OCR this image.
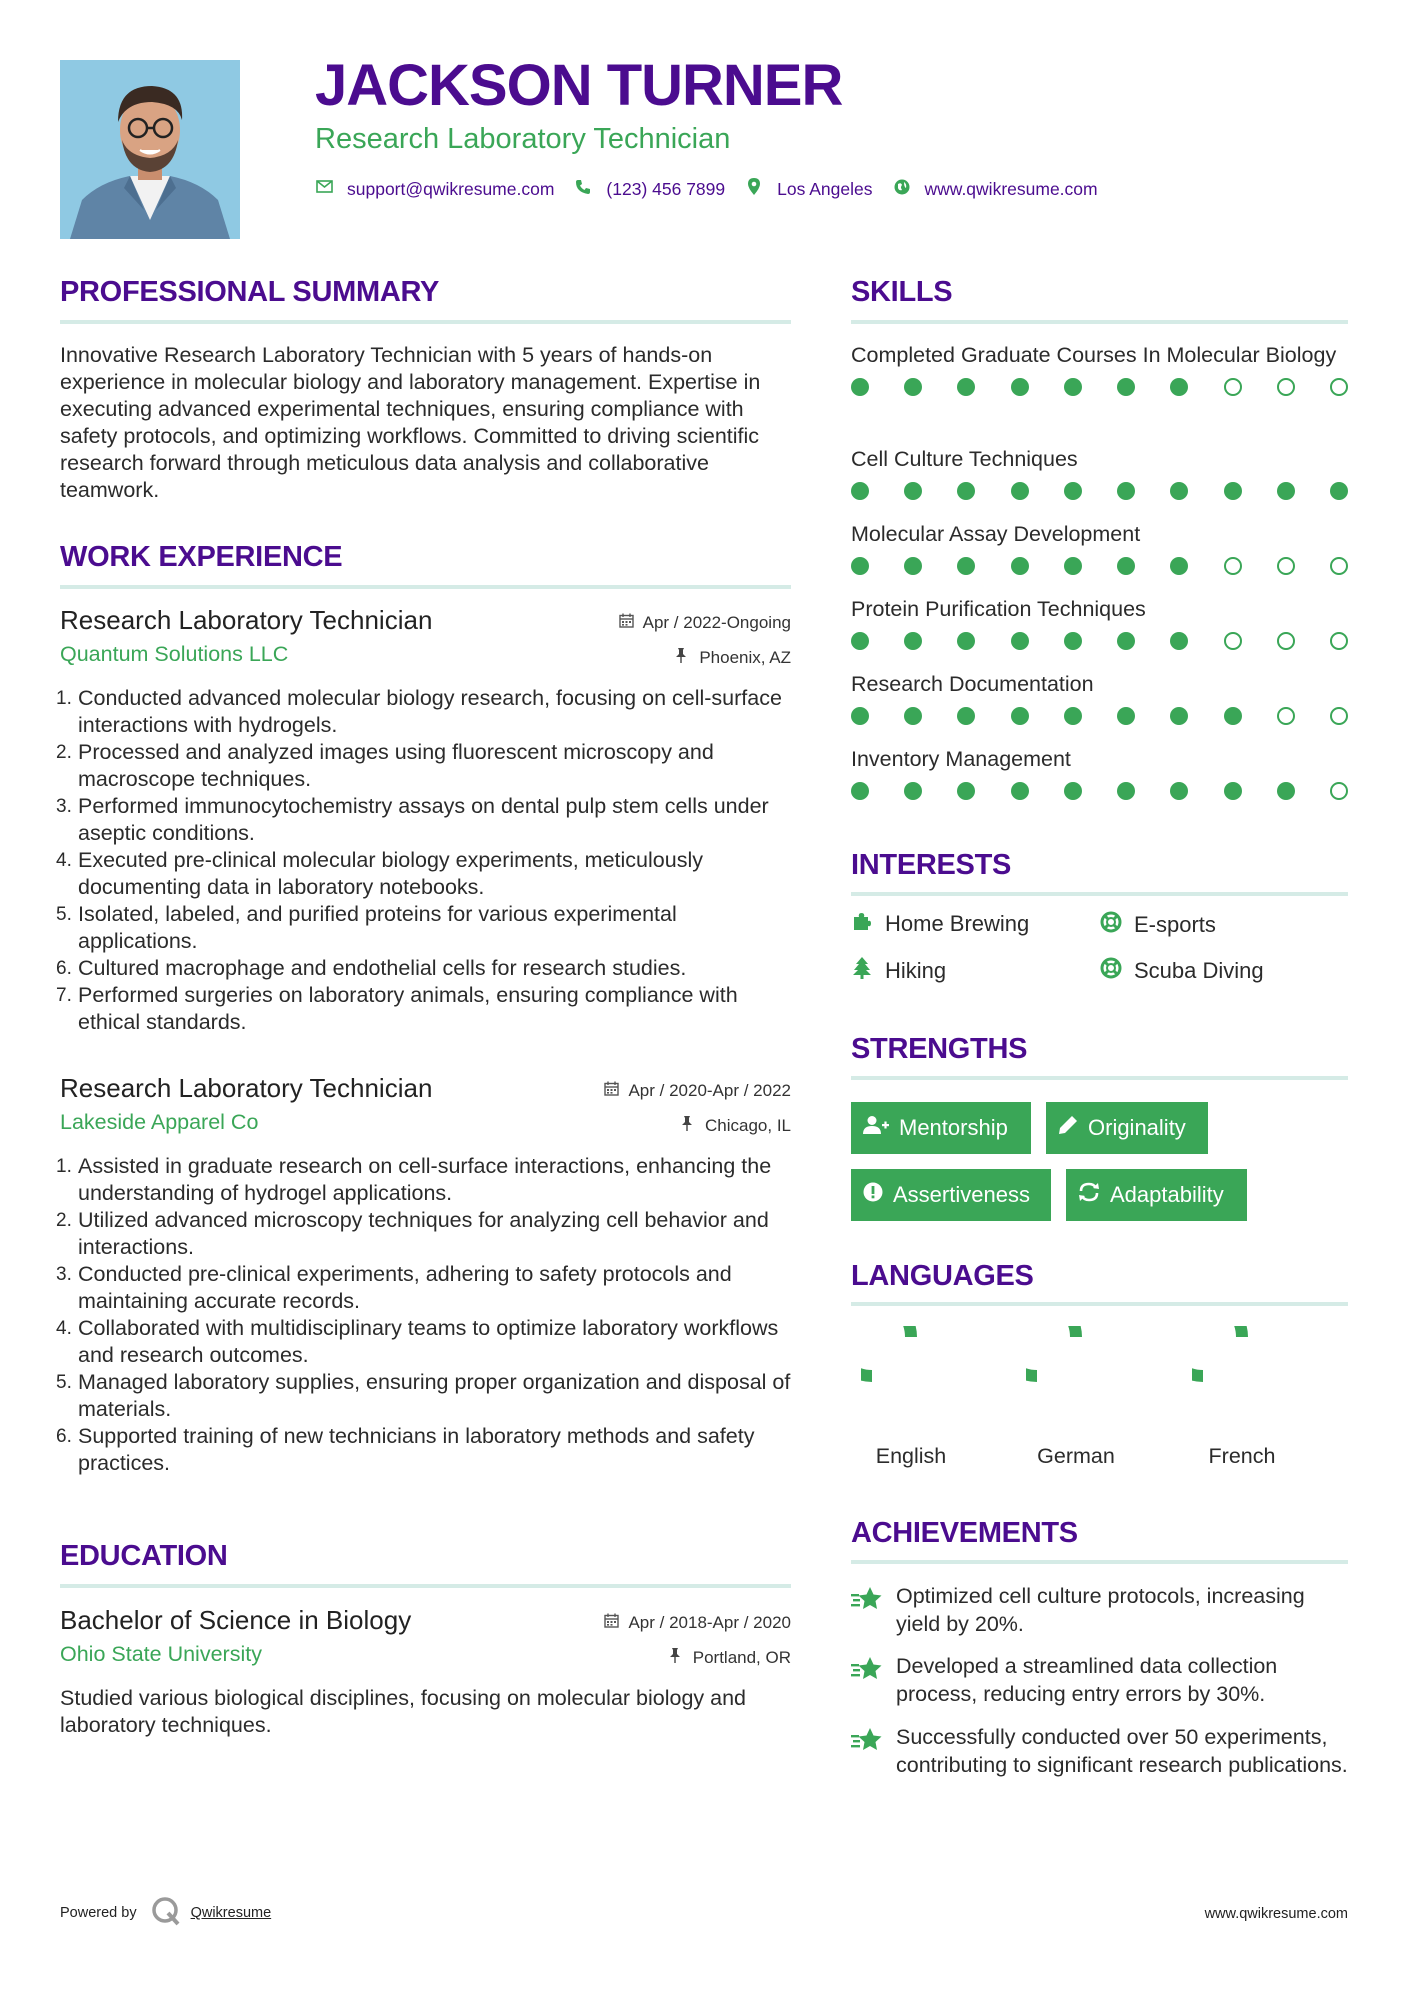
JACKSON TURNER
Research Laboratory Technician
support@qwikresume.com	(123) 456 7899	Los Angeles	www.qwikresume.com
PROFESSIONAL SUMMARY
Innovative Research Laboratory Technician with 5 years of hands-on experience in molecular biology and laboratory management. Expertise in executing advanced experimental techniques, ensuring compliance with safety protocols, and optimizing workflows. Committed to driving scientific research forward through meticulous data analysis and collaborative teamwork.
WORK EXPERIENCE
Research Laboratory Technician	Apr / 2022-Ongoing
Quantum Solutions LLC	Phoenix, AZ
Conducted advanced molecular biology research, focusing on cell-surface interactions with hydrogels.
Processed and analyzed images using fluorescent microscopy and macroscope techniques.
Performed immunocytochemistry assays on dental pulp stem cells under aseptic conditions.
Executed pre-clinical molecular biology experiments, meticulously documenting data in laboratory notebooks.
Isolated, labeled, and purified proteins for various experimental applications.
Cultured macrophage and endothelial cells for research studies.
Performed surgeries on laboratory animals, ensuring compliance with ethical standards.
Research Laboratory Technician	Apr / 2020-Apr / 2022
Lakeside Apparel Co	Chicago, IL
Assisted in graduate research on cell-surface interactions, enhancing the understanding of hydrogel applications.
Utilized advanced microscopy techniques for analyzing cell behavior and interactions.
Conducted pre-clinical experiments, adhering to safety protocols and maintaining accurate records.
Collaborated with multidisciplinary teams to optimize laboratory workflows and research outcomes.
Managed laboratory supplies, ensuring proper organization and disposal of materials.
Supported training of new technicians in laboratory methods and safety practices.
EDUCATION
Bachelor of Science in Biology	Apr / 2018-Apr / 2020
Ohio State University	Portland, OR
Studied various biological disciplines, focusing on molecular biology and laboratory techniques.
SKILLS
Completed Graduate Courses In Molecular Biology
Cell Culture Techniques
Molecular Assay Development
Protein Purification Techniques
Research Documentation
Inventory Management
INTERESTS
Home Brewing	E-sports
Hiking	Scuba Diving
STRENGTHS
Mentorship	Originality
Assertiveness	Adaptability
LANGUAGES
English	German	French
ACHIEVEMENTS
Optimized cell culture protocols, increasing yield by 20%.
Developed a streamlined data collection process, reducing entry errors by 30%.
Successfully conducted over 50 experiments, contributing to significant research publications.
Powered by	Qwikresume	www.qwikresume.com
